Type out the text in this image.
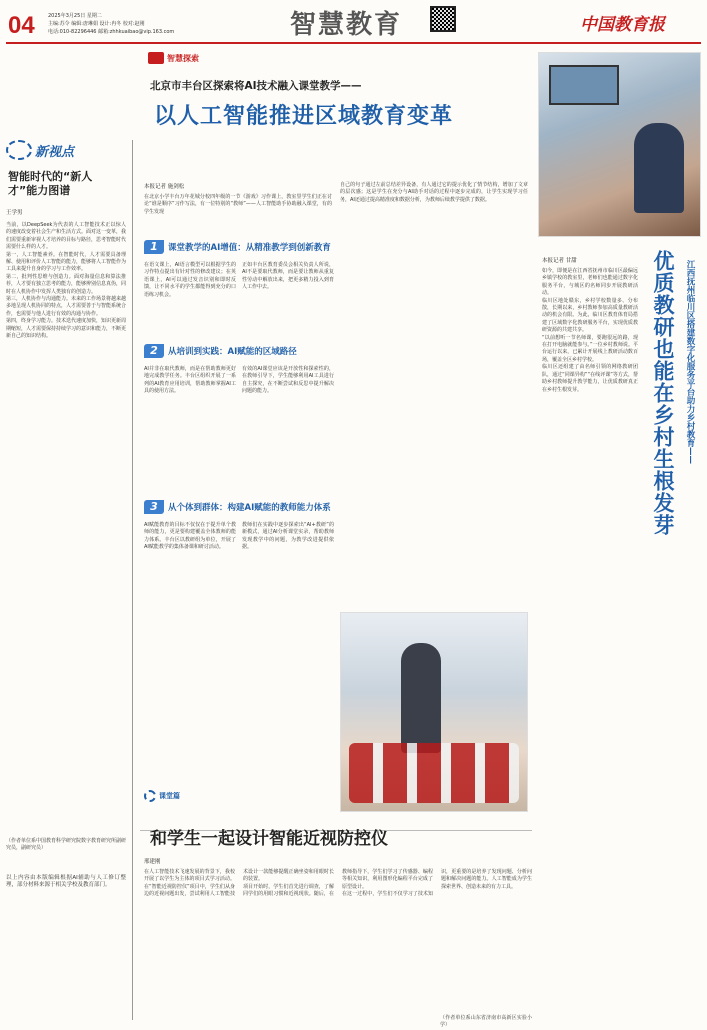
04	2025年3月25日 星期二
主编:苏令 编辑:唐琳娟 设计:冉冬 校对:赵刚
电话:010-82296446 邮箱:zhhkuaibao@vip.163.com	智慧教育	中国教育报
新视点
智能时代的“新人才”能力图谱
王学男
当前，以DeepSeek为代表的人工智能技术正以惊人的速度改变着社会生产和生活方式。面对这一变革，我们需要重新审视人才培养的目标与路径，思考智能时代需要什么样的人才。
第一，人工智能素养。在智能时代，人才需要具备理解、使用和评价人工智能的能力，能够将人工智能作为工具来提升自身的学习与工作效率。
第二，批判性思维与创造力。面对海量信息和算法推荐，人才要有独立思考的能力，能够辨别信息真伪，同时在人机协作中发挥人类独有的创造力。
第三，人机协作与沟通能力。未来的工作场景将越来越多地呈现人机协同的特点，人才需要善于与智能系统合作，也需要与他人进行有效的沟通与协作。
第四，终身学习能力。技术迭代速度加快，知识更新周期缩短，人才需要保持持续学习的意识和能力，不断更新自己的知识结构。
（作者单位系中国教育科学研究院数字教育研究所副研究员，副研究员）
以上内容由本版编辑根据AI辅助与人工修订整理，部分材料来源于相关学校及教育部门。
智慧探索
北京市丰台区探索将AI技术融入课堂教学——
以人工智能推进区域教育变革
本报记者 施剑松
在北京小学丰台万年花城分校四年级的一节《游戏》习作课上，教室里学生们正在讨论“谁是顺序”习作写法，有一位特别的“教师”——人工智能助手协助融入课堂，有的学生发现
自己的句子通过左前总结差异设备，有人通过它的提示优化了情节结构，增加了文章的层次感；这是学生在充分与AI助手对话的过程中逐步完成的，让学生实现学习任务，AI还通过提高精准度和数据分析，为教师后续教学提供了数据。
1	课堂教学的AI增值：从精准教学到创新教育
在语文课上，AI语言模型可以根据学生的习作特点提出有针对性的修改建议；在英语课上，AI可以通过发音识别和即时反馈，让不同水平的学生都能得到充分的口语练习机会。
正如丰台区教育委员会相关负责人所说，AI不是要取代教师，而是要让教师从重复性劳动中解放出来，把更多精力投入到育人工作中去。
2	从培训到实践：AI赋能的区域路径
AI并非在取代教师，而是在帮助教师更好地完成教学任务。丰台区组织开展了一系列的AI教育应用培训，帮助教师掌握AI工具的使用方法。
有效的AI课堂应该是开放性和探索性的，在教师引导下，学生能够利用AI工具进行自主探究，在不断尝试和反思中提升解决问题的能力。
3	从个体到群体：构建AI赋能的教师能力体系
AI赋能教育的目标不仅仅在于提升单个教师的能力，更是要构建覆盖全体教师的能力体系。丰台区以教研组为单位，开展了AI赋能教学的集体备课和研讨活动。
教师们在实践中逐步探索出“AI+教研”的新模式，通过AI分析课堂实录，帮助教师发现教学中的问题，为教学改进提供依据。
本报记者 甘甜
如今，即便是在江西省抚州市临川区最偏远乡镇学校的教室里，老师们也能通过数字化服务平台，与城区的名师同步开展教研活动。
临川区地处赣东，乡村学校数量多、分布散，长期以来，乡村教师参加高质量教研活动的机会有限。为此，临川区教育体育局搭建了区域数字化教研服务平台，实现优质教研资源的共建共享。
“以前想听一节名师课，要跑很远的路，现在打开电脑就能参与。”一位乡村教师说。平台运行以来，已累计开展线上教研活动数百场，覆盖全区乡村学校。
临川区还组建了由名师引领的网络教研团队，通过“同课异构”“在线评课”等方式，帮助乡村教师提升教学能力，让优质教研真正在乡村生根发芽。	江西抚州临川区搭建数字化服务平台助力乡村教育——
优质教研也能在乡村生根发芽
课堂篇
和学生一起设计智能近视防控仪
邢建刚
在人工智能技术飞速发展的背景下，我校开展了以学生为主体的项目式学习活动。在“智能近视防控仪”项目中，学生们从身边的近视问题出发，尝试利用人工智能技术设计一款能够提醒正确坐姿和用眼时长的装置。
项目开始时，学生们首先进行调查，了解同学们的用眼习惯和近视现状。随后，在教师指导下，学生们学习了传感器、编程等相关知识，利用图形化编程平台完成了原型设计。
在这一过程中，学生们不仅学习了技术知识，更重要的是培养了发现问题、分析问题和解决问题的能力。人工智能成为学生探索世界、创造未来的有力工具。
（作者单位系山东省济南市高新区实验小学）
